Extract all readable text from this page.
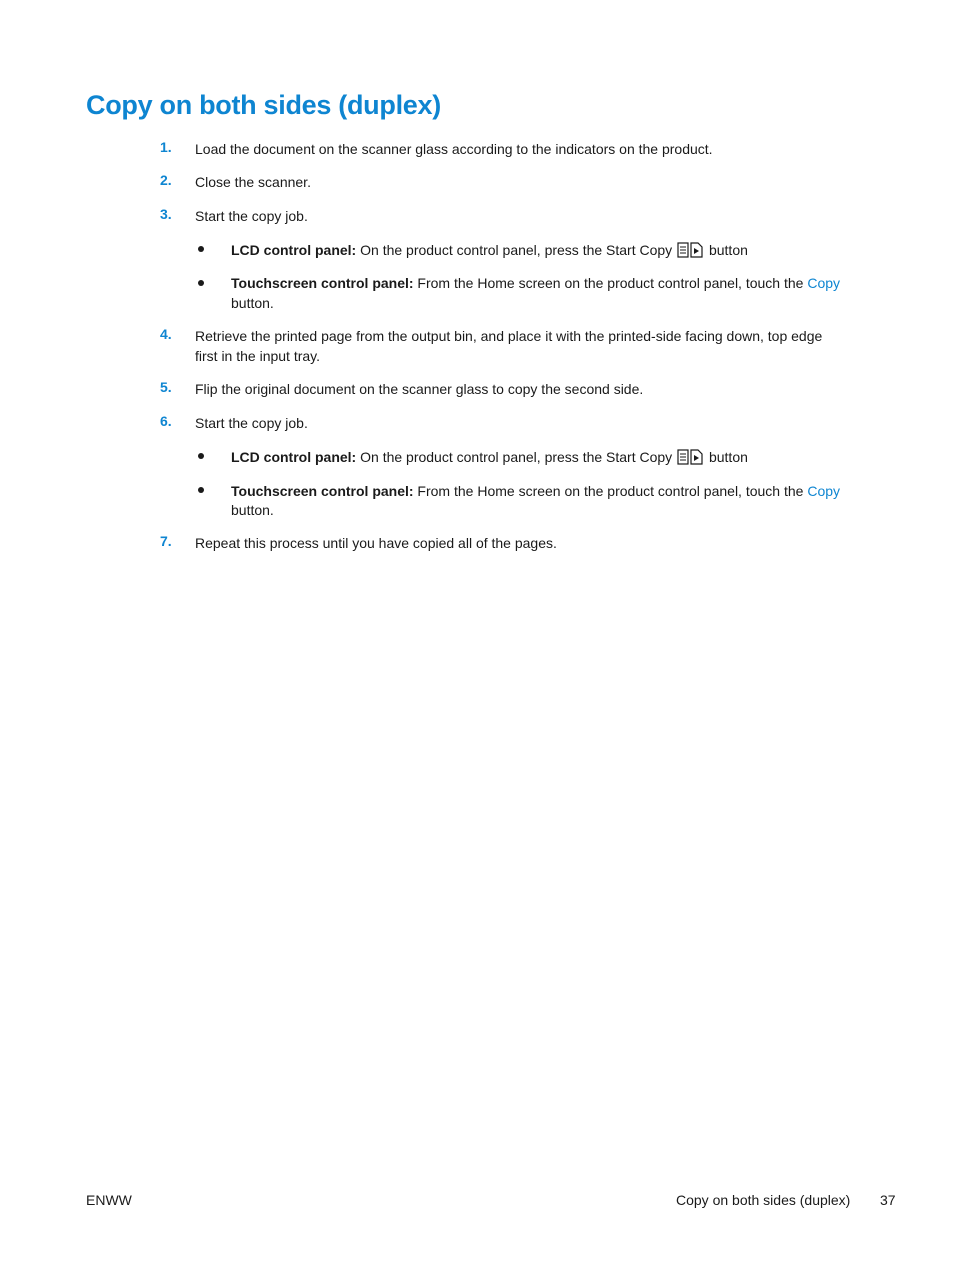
Copy on both sides (duplex)
1. Load the document on the scanner glass according to the indicators on the product.
2. Close the scanner.
3. Start the copy job.
LCD control panel: On the product control panel, press the Start Copy  button
Touchscreen control panel: From the Home screen on the product control panel, touch the Copy
button.
4. Retrieve the printed page from the output bin, and place it with the printed-side facing down, top edge
first in the input tray.
5. Flip the original document on the scanner glass to copy the second side.
6. Start the copy job.
LCD control panel: On the product control panel, press the Start Copy  button
Touchscreen control panel: From the Home screen on the product control panel, touch the Copy
button.
7. Repeat this process until you have copied all of the pages.
ENWW	Copy on both sides (duplex) 37
